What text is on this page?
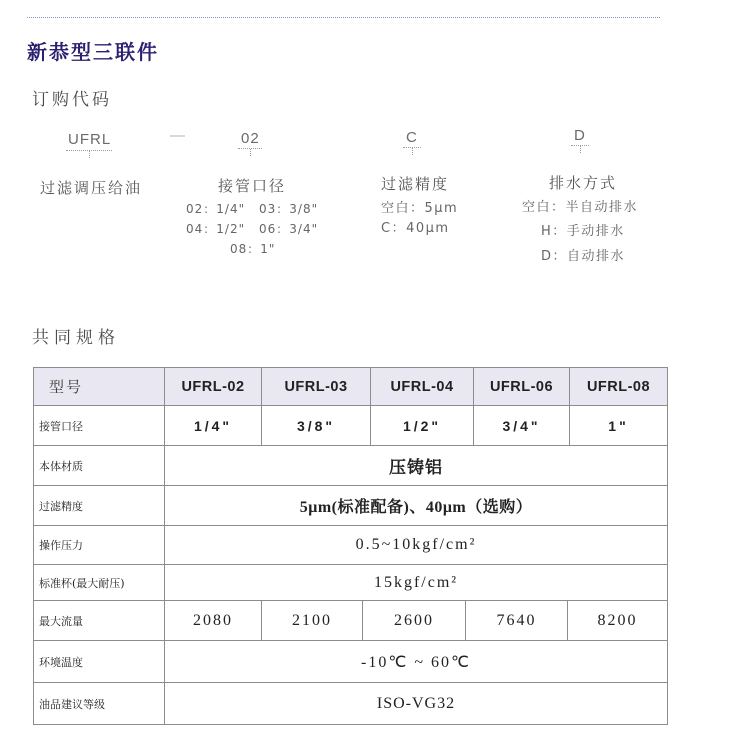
新恭型三联件
订购代码
UFRL	—	02	C	D
过滤调压给油	接管口径	过滤精度	排水方式
02：1/4" 03：3/8"
04：1/2" 06：3/4"
08：1"
空白：5μm
C：40μm
空白：半自动排水
H：手动排水
D：自动排水
共同规格
型号	UFRL-02	UFRL-03	UFRL-04	UFRL-06	UFRL-08
接管口径	1/4"	3/8"	1/2"	3/4"	1"
本体材质	压铸铝
过滤精度	5μm(标准配备)、40μm（选购）
操作压力	0.5~10kgf/cm²
标准杯(最大耐压)	15kgf/cm²
最大流量	2080	2100	2600	7640	8200
环境温度	-10℃ ~ 60℃
油品建议等级	ISO-VG32
